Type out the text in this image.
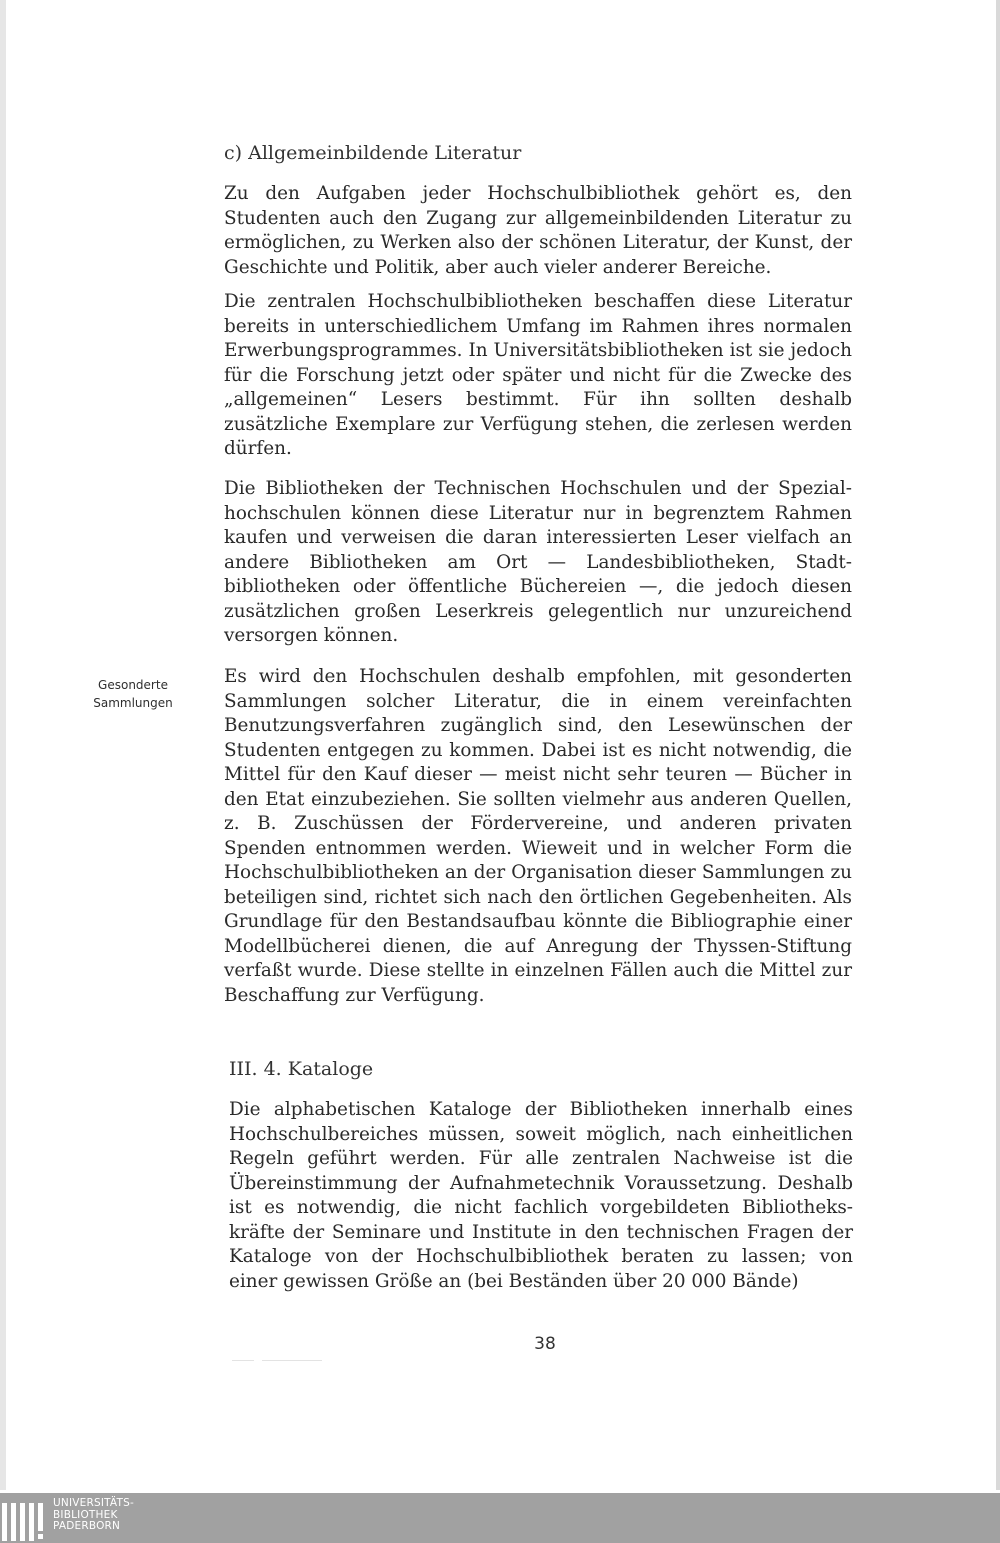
c) Allgemeinbildende Literatur

Zu den Aufgaben jeder Hochschulbibliothek gehört es, den Studenten auch den Zugang zur allgemeinbildenden Literatur zu ermöglichen, zu Werken also der schönen Literatur, der Kunst, der Geschichte und Politik, aber auch vieler anderer Bereiche.

Die zentralen Hochschulbibliotheken beschaffen diese Literatur bereits in unterschiedlichem Umfang im Rahmen ihres normalen Erwerbungsprogrammes. In Universitätsbibliotheken ist sie jedoch für die Forschung jetzt oder später und nicht für die Zwecke des „allgemeinen“ Lesers bestimmt. Für ihn sollten deshalb zusätzliche Exemplare zur Verfügung stehen, die zerlesen werden dürfen.

Die Bibliotheken der Technischen Hochschulen und der Spezialhochschulen können diese Literatur nur in begrenztem Rahmen kaufen und verweisen die daran interessierten Leser vielfach an andere Bibliotheken am Ort — Landesbibliotheken, Stadtbibliotheken oder öffentliche Büchereien —, die jedoch diesen zusätzlichen großen Leserkreis gelegentlich nur unzureichend versorgen können.

Es wird den Hochschulen deshalb empfohlen, mit gesonderten Sammlungen solcher Literatur, die in einem vereinfachten Benutzungsverfahren zugänglich sind, den Lesewünschen der Studenten entgegen zu kommen. Dabei ist es nicht notwendig, die Mittel für den Kauf dieser — meist nicht sehr teuren — Bücher in den Etat einzubeziehen. Sie sollten vielmehr aus anderen Quellen, z. B. Zuschüssen der Fördervereine, und anderen privaten Spenden entnommen werden. Wieweit und in welcher Form die Hochschulbibliotheken an der Organisation dieser Sammlungen zu beteiligen sind, richtet sich nach den örtlichen Gegebenheiten. Als Grundlage für den Bestandsaufbau könnte die Bibliographie einer Modellbücherei dienen, die auf Anregung der Thyssen-Stiftung verfaßt wurde. Diese stellte in einzelnen Fällen auch die Mittel zur Beschaffung zur Verfügung.

Gesonderte
Sammlungen
III. 4. Kataloge

Die alphabetischen Kataloge der Bibliotheken innerhalb eines Hochschulbereiches müssen, soweit möglich, nach einheitlichen Regeln geführt werden. Für alle zentralen Nachweise ist die Übereinstimmung der Aufnahmetechnik Voraussetzung. Deshalb ist es notwendig, die nicht fachlich vorgebildeten Bibliothekskräfte der Seminare und Institute in den technischen Fragen der Kataloge von der Hochschulbibliothek beraten zu lassen; von einer gewissen Größe an (bei Beständen über 20 000 Bände)

38
UNIVERSITÄTS-
BIBLIOTHEK
PADERBORN
